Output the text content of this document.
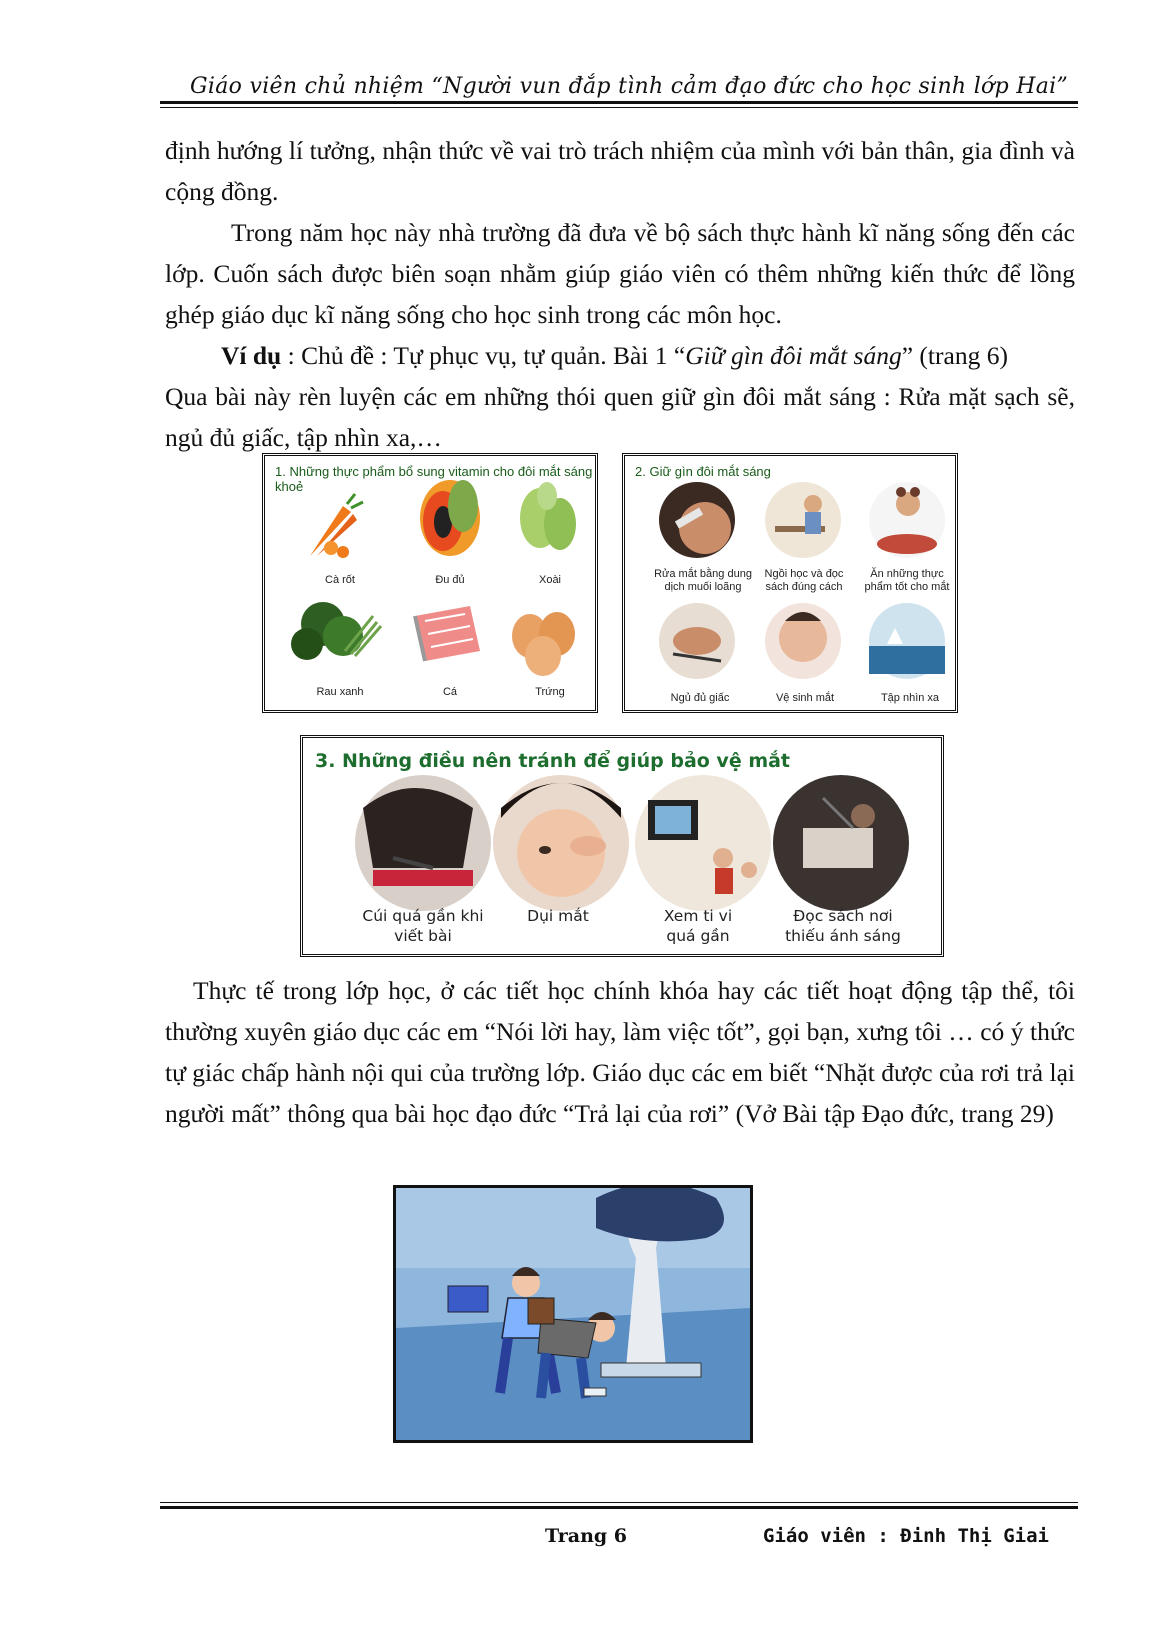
Giáo viên chủ nhiệm “Người vun đắp tình cảm đạo đức cho học sinh lớp Hai”

định hướng lí tưởng, nhận thức về vai trò trách nhiệm của mình với bản thân, gia đình và cộng đồng.

Trong năm học này nhà trường đã đưa về bộ sách thực hành kĩ năng sống đến các lớp. Cuốn sách được biên soạn nhằm giúp giáo viên có thêm những kiến thức để lồng ghép giáo dục kĩ năng sống cho học sinh trong các môn học.

Ví dụ : Chủ đề : Tự phục vụ, tự quản. Bài 1 “Giữ gìn đôi mắt sáng” (trang 6)

Qua bài này rèn luyện các em những thói quen giữ gìn đôi mắt sáng : Rửa mặt sạch sẽ, ngủ đủ giấc, tập nhìn xa,…

1. Những thực phẩm bổ sung vitamin cho đôi mắt sáng khoẻ
Cà rốt	Đu đủ	Xoài
Rau xanh	Cá	Trứng
2. Giữ gìn đôi mắt sáng
Rửa mắt bằng dung dịch muối loãng
Ngồi học và đọc sách đúng cách
Ăn những thực phẩm tốt cho mắt
Ngủ đủ giấc	Vệ sinh mắt	Tập nhìn xa
3. Những điều nên tránh để giúp bảo vệ mắt
Cúi quá gần khi viết bài
Dụi mắt	Xem ti vi quá gần
Đọc sách nơi thiếu ánh sáng

Thực tế trong lớp học, ở các tiết học chính khóa hay các tiết hoạt động tập thể, tôi thường xuyên giáo dục các em “Nói lời hay, làm việc tốt”, gọi bạn, xưng tôi … có ý thức tự giác chấp hành nội qui của trường lớp. Giáo dục các em biết “Nhặt được của rơi trả lại người mất” thông qua bài học đạo đức “Trả lại của rơi” (Vở Bài tập Đạo đức, trang 29)

Trang 6	Giáo viên : Đinh Thị Giai
